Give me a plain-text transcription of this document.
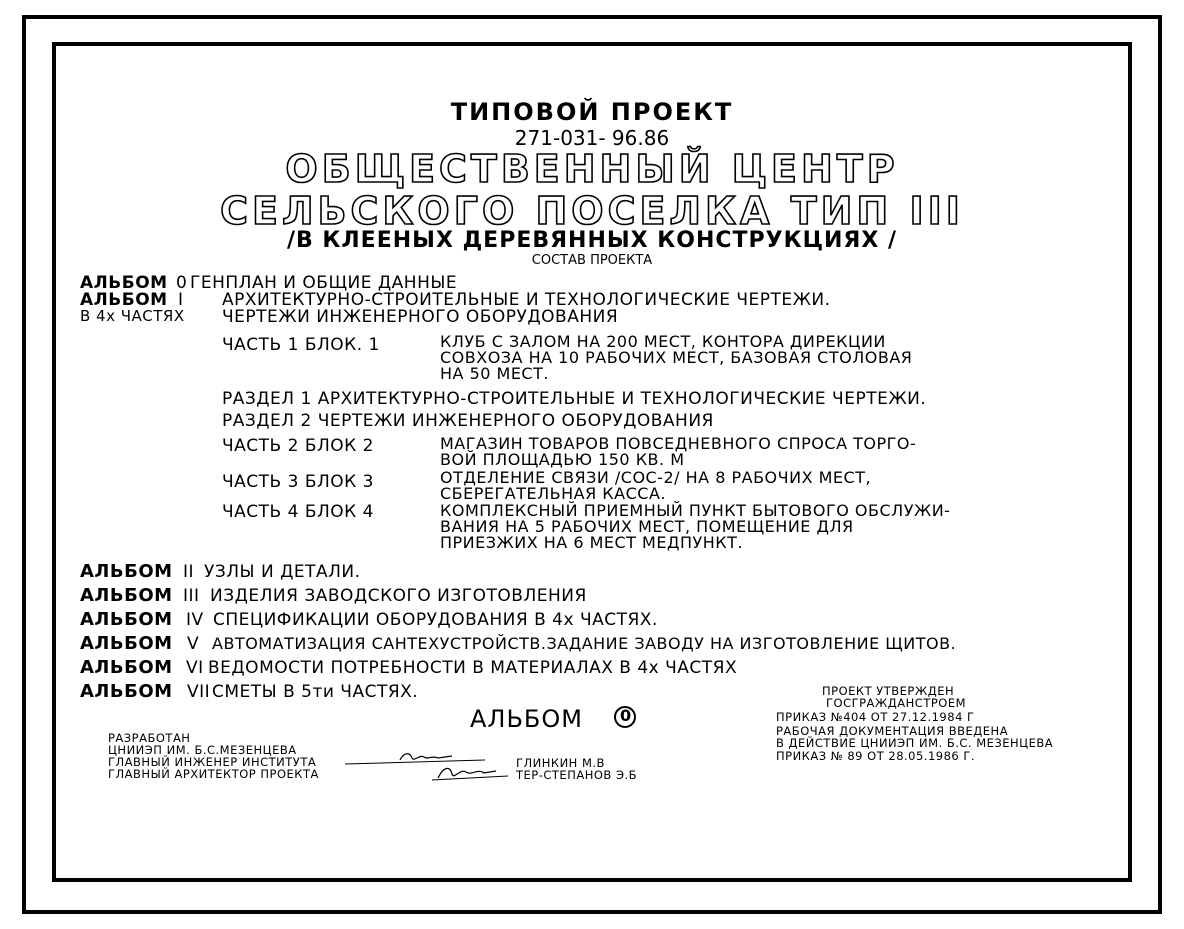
ТИПОВОЙ ПРОЕКТ
271-031- 96.86
ОБЩЕСТВЕННЫЙ ЦЕНТР
СЕЛЬСКОГО ПОСЕЛКА ТИП III
/В КЛЕЕНЫХ ДЕРЕВЯННЫХ КОНСТРУКЦИЯХ /
СОСТАВ ПРОЕКТА
АЛЬБОМ 0 ГЕНПЛАН И ОБЩИЕ ДАННЫЕ
АЛЬБОМ I АРХИТЕКТУРНО-СТРОИТЕЛЬНЫЕ И ТЕХНОЛОГИЧЕСКИЕ ЧЕРТЕЖИ.
В 4х ЧАСТЯХ ЧЕРТЕЖИ ИНЖЕНЕРНОГО ОБОРУДОВАНИЯ
ЧАСТЬ 1 БЛОК. 1	КЛУБ С ЗАЛОМ НА 200 МЕСТ, КОНТОРА ДИРЕКЦИИ
СОВХОЗА НА 10 РАБОЧИХ МЕСТ, БАЗОВАЯ СТОЛОВАЯ
НА 50 МЕСТ.
РАЗДЕЛ 1 АРХИТЕКТУРНО-СТРОИТЕЛЬНЫЕ И ТЕХНОЛОГИЧЕСКИЕ ЧЕРТЕЖИ.
РАЗДЕЛ 2 ЧЕРТЕЖИ ИНЖЕНЕРНОГО ОБОРУДОВАНИЯ
ЧАСТЬ 2 БЛОК 2	МАГАЗИН ТОВАРОВ ПОВСЕДНЕВНОГО СПРОСА ТОРГО-
ВОЙ ПЛОЩАДЬЮ 150 КВ. М
ЧАСТЬ 3 БЛОК 3	ОТДЕЛЕНИЕ СВЯЗИ /СОС-2/ НА 8 РАБОЧИХ МЕСТ,
СБЕРЕГАТЕЛЬНАЯ КАССА.
ЧАСТЬ 4 БЛОК 4	КОМПЛЕКСНЫЙ ПРИЕМНЫЙ ПУНКТ БЫТОВОГО ОБСЛУЖИ-
ВАНИЯ НА 5 РАБОЧИХ МЕСТ, ПОМЕЩЕНИЕ ДЛЯ
ПРИЕЗЖИХ НА 6 МЕСТ МЕДПУНКТ.
АЛЬБОМ II УЗЛЫ И ДЕТАЛИ.
АЛЬБОМ III ИЗДЕЛИЯ ЗАВОДСКОГО ИЗГОТОВЛЕНИЯ
АЛЬБОМ IV СПЕЦИФИКАЦИИ ОБОРУДОВАНИЯ В 4х ЧАСТЯХ.
АЛЬБОМ V АВТОМАТИЗАЦИЯ САНТЕХУСТРОЙСТВ.ЗАДАНИЕ ЗАВОДУ НА ИЗГОТОВЛЕНИЕ ЩИТОВ.
АЛЬБОМ VI ВЕДОМОСТИ ПОТРЕБНОСТИ В МАТЕРИАЛАХ В 4х ЧАСТЯХ
АЛЬБОМ VII СМЕТЫ В 5ти ЧАСТЯХ.
АЛЬБОМ 0
ПРОЕКТ УТВЕРЖДЕН
ГОСГРАЖДАНСТРОЕМ
ПРИКАЗ №404 ОТ 27.12.1984 Г
РАБОЧАЯ ДОКУМЕНТАЦИЯ ВВЕДЕНА
В ДЕЙСТВИЕ ЦНИИЭП ИМ. Б.С. МЕЗЕНЦЕВА
ПРИКАЗ № 89 ОТ 28.05.1986 Г.
РАЗРАБОТАН
ЦНИИЭП ИМ. Б.С.МЕЗЕНЦЕВА
ГЛАВНЫЙ ИНЖЕНЕР ИНСТИТУТА
ГЛАВНЫЙ АРХИТЕКТОР ПРОЕКТА
ГЛИНКИН М.В
ТЕР-СТЕПАНОВ Э.Б
